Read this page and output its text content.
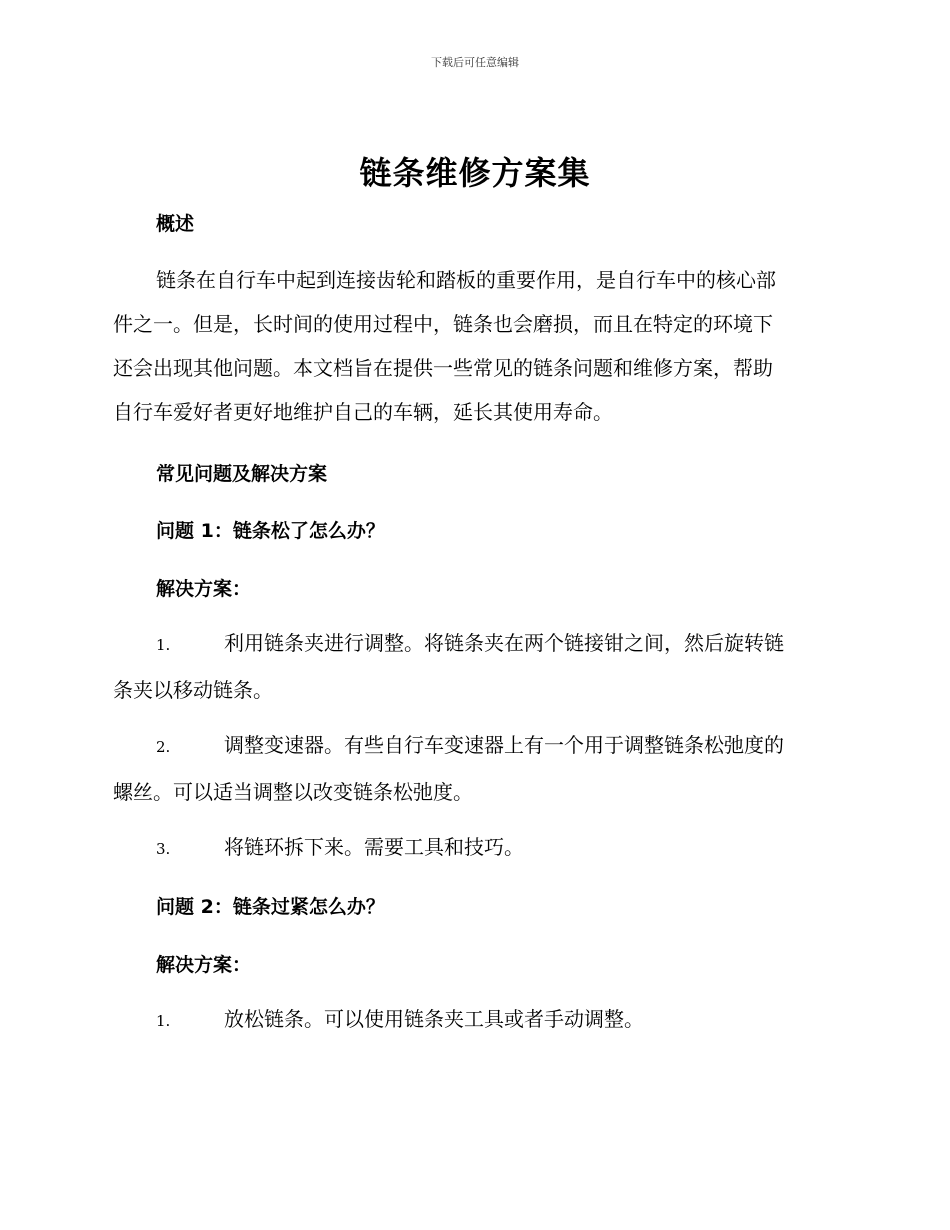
下载后可任意编辑
链条维修方案集
概述
链条在自行车中起到连接齿轮和踏板的重要作用，是自行车中的核心部
件之一。但是，长时间的使用过程中，链条也会磨损，而且在特定的环境下
还会出现其他问题。本文档旨在提供一些常见的链条问题和维修方案，帮助
自行车爱好者更好地维护自己的车辆，延长其使用寿命。
常见问题及解决方案
问题 1：链条松了怎么办？
解决方案：
1.	利用链条夹进行调整。将链条夹在两个链接钳之间，然后旋转链
条夹以移动链条。
2.	调整变速器。有些自行车变速器上有一个用于调整链条松弛度的
螺丝。可以适当调整以改变链条松弛度。
3.	将链环拆下来。需要工具和技巧。
问题 2：链条过紧怎么办？
解决方案：
1.	放松链条。可以使用链条夹工具或者手动调整。
